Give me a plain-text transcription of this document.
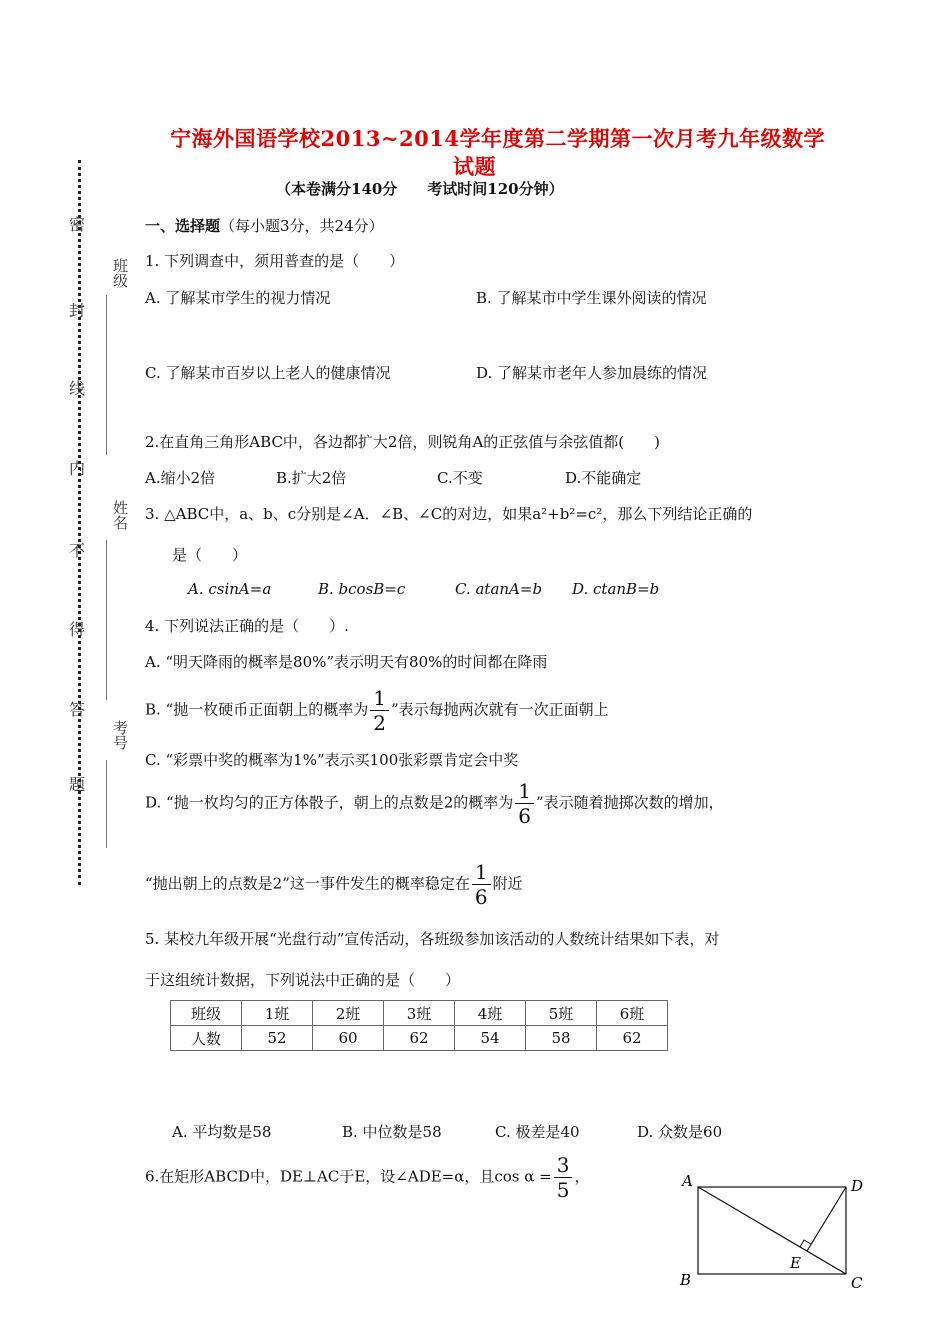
密
封
线
内
不
得
答
题
班级
姓名
考号
宁海外国语学校2013~2014学年度第二学期第一次月考九年级数学
试题
（本卷满分140分　　考试时间120分钟）
一、选择题（每小题3分，共24分）
1. 下列调查中，须用普查的是（　　）
A. 了解某市学生的视力情况	B. 了解某市中学生课外阅读的情况
C. 了解某市百岁以上老人的健康情况	D. 了解某市老年人参加晨练的情况
2.在直角三角形ABC中，各边都扩大2倍，则锐角A的正弦值与余弦值都(　　)
A.缩小2倍	B.扩大2倍	C.不变	D.不能确定
3. △ABC中，a、b、c分别是∠A．∠B、∠C的对边，如果a²+b²=c²，那么下列结论正确的
是（　　）
A. csinA=a	B. bcosB=c	C. atanA=b D. ctanB=b
4. 下列说法正确的是（　　）.
A. “明天降雨的概率是80%”表示明天有80%的时间都在降雨
B. “抛一枚硬币正面朝上的概率为 $\frac{1}{2}$ ”表示每抛两次就有一次正面朝上
C. “彩票中奖的概率为1%”表示买100张彩票肯定会中奖
D. “抛一枚均匀的正方体骰子，朝上的点数是2的概率为 $\frac{1}{6}$ ”表示随着抛掷次数的增加，
“抛出朝上的点数是2”这一事件发生的概率稳定在 $\frac{1}{6}$ 附近
5. 某校九年级开展“光盘行动”宣传活动，各班级参加该活动的人数统计结果如下表，对
于这组统计数据，下列说法中正确的是（　　）
班级	1班	2班	3班	4班	5班	6班
人数	52	60	62	54	58	62
A. 平均数是58	B. 中位数是58	C. 极差是40	D. 众数是60
6.在矩形ABCD中，DE⊥AC于E，设∠ADE=α，且$\cos \alpha = \frac{3}{5}$ ，	A	D
B	C
E
